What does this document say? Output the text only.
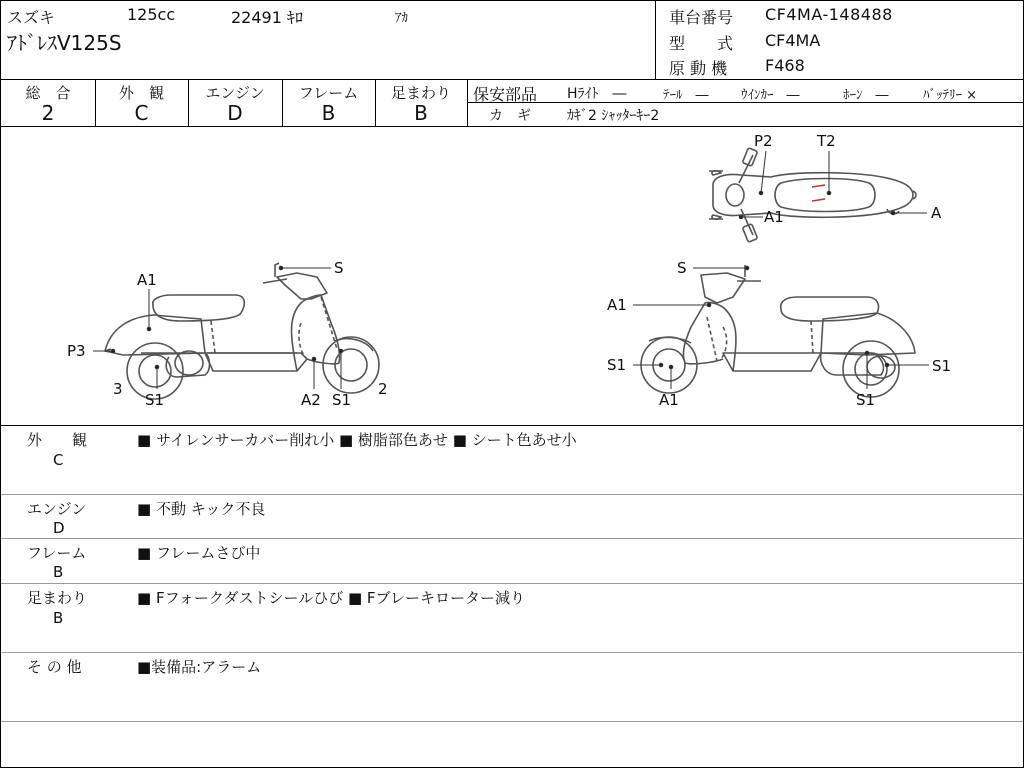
スズキ	125cc	22491 ｷﾛ	ｱｶ
ｱﾄﾞﾚｽV125S
車台番号 CF4MA-148488
型　　式 CF4MA
原 動 機 F468
総　合
2
外　観
C
エンジン
D
フレーム
B
足まわり
B
保安部品 Hﾗｲﾄ　―	ﾃｰﾙ　― ｳｲﾝｶｰ　―	ﾎｰﾝ　―	ﾊﾞｯﾃﾘｰ ×
カ　ギ	ｶｷﾞ2 ｼｬｯﾀｰｷｰ2
P2	T2
A1	A
A1
S
P3
3
S1	A2 S1
2
S
A1
S1
A1
S1
S1
外　　観
C
■ サイレンサーカバー削れ小 ■ 樹脂部色あせ ■ シート色あせ小
エンジン
D
■ 不動 キック不良
フレーム
B
■ フレームさび中
足まわり
B
■ Fフォークダストシールひび ■ Fブレーキローター減り
そ の 他	■装備品:アラーム
